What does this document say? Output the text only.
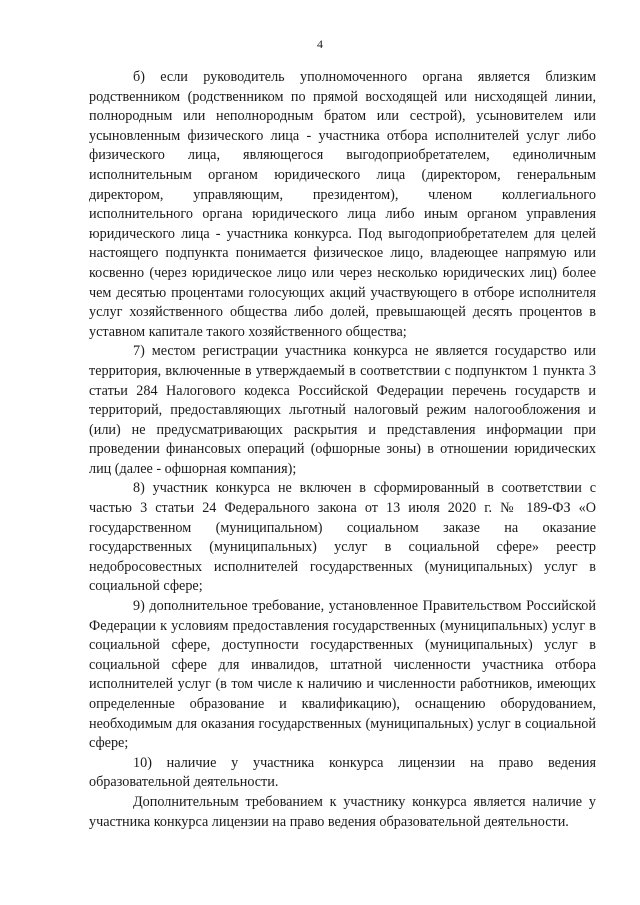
4

б) если руководитель уполномоченного органа является близким родственником (родственником по прямой восходящей или нисходящей линии, полнородным или неполнородным братом или сестрой), усыновителем или усыновленным физического лица - участника отбора исполнителей услуг либо физического лица, являющегося выгодоприобретателем, единоличным исполнительным органом юридического лица (директором, генеральным директором, управляющим, президентом), членом коллегиального исполнительного органа юридического лица либо иным органом управления юридического лица - участника конкурса. Под выгодоприобретателем для целей настоящего подпункта понимается физическое лицо, владеющее напрямую или косвенно (через юридическое лицо или через несколько юридических лиц) более чем десятью процентами голосующих акций участвующего в отборе исполнителя услуг хозяйственного общества либо долей, превышающей десять процентов в уставном капитале такого хозяйственного общества;

7) местом регистрации участника конкурса не является государство или территория, включенные в утверждаемый в соответствии с подпунктом 1 пункта 3 статьи 284 Налогового кодекса Российской Федерации перечень государств и территорий, предоставляющих льготный налоговый режим налогообложения и (или) не предусматривающих раскрытия и представления информации при проведении финансовых операций (офшорные зоны) в отношении юридических лиц (далее - офшорная компания);

8) участник конкурса не включен в сформированный в соответствии с частью 3 статьи 24 Федерального закона от 13 июля 2020 г. № 189-ФЗ «О государственном (муниципальном) социальном заказе на оказание государственных (муниципальных) услуг в социальной сфере» реестр недобросовестных исполнителей государственных (муниципальных) услуг в социальной сфере;

9) дополнительное требование, установленное Правительством Российской Федерации к условиям предоставления государственных (муниципальных) услуг в социальной сфере, доступности государственных (муниципальных) услуг в социальной сфере для инвалидов, штатной численности участника отбора исполнителей услуг (в том числе к наличию и численности работников, имеющих определенные образование и квалификацию), оснащению оборудованием, необходимым для оказания государственных (муниципальных) услуг в социальной сфере;

10) наличие у участника конкурса лицензии на право ведения образовательной деятельности.

Дополнительным требованием к участнику конкурса является наличие у участника конкурса лицензии на право ведения образовательной деятельности.
